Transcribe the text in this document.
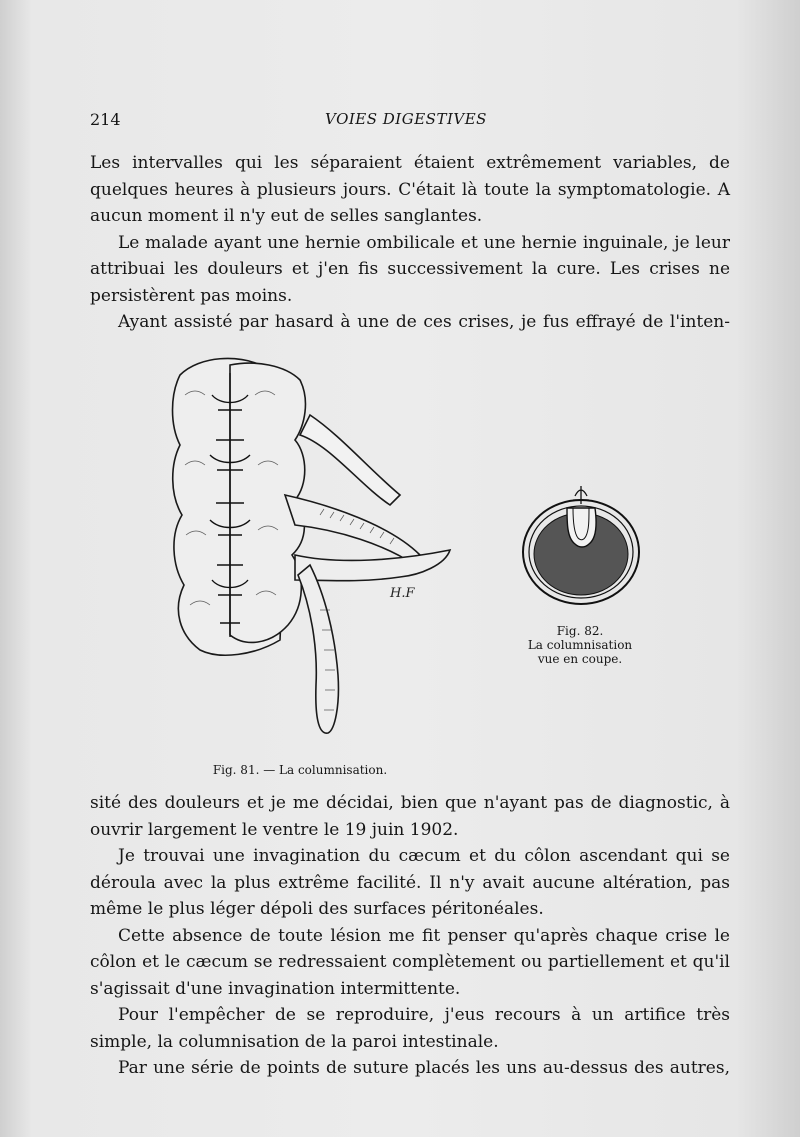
214	VOIES DIGESTIVES

Les intervalles qui les séparaient étaient extrêmement variables, de quelques heures à plusieurs jours. C'était là toute la symptomatologie. A aucun moment il n'y eut de selles sanglantes.

Le malade ayant une hernie ombilicale et une hernie inguinale, je leur attribuai les douleurs et j'en fis successivement la cure. Les crises ne persistèrent pas moins.

Ayant assisté par hasard à une de ces crises, je fus effrayé de l'inten-

H.F
Fig. 81. — La columnisation.
Fig. 82.
La columnisation
vue en coupe.

sité des douleurs et je me décidai, bien que n'ayant pas de diagnostic, à ouvrir largement le ventre le 19 juin 1902.

Je trouvai une invagination du cæcum et du côlon ascendant qui se déroula avec la plus extrême facilité. Il n'y avait aucune altération, pas même le plus léger dépoli des surfaces péritonéales.

Cette absence de toute lésion me fit penser qu'après chaque crise le côlon et le cæcum se redressaient complètement ou partiellement et qu'il s'agissait d'une invagination intermittente.

Pour l'empêcher de se reproduire, j'eus recours à un artifice très simple, la columnisation de la paroi intestinale.

Par une série de points de suture placés les uns au-dessus des autres,
